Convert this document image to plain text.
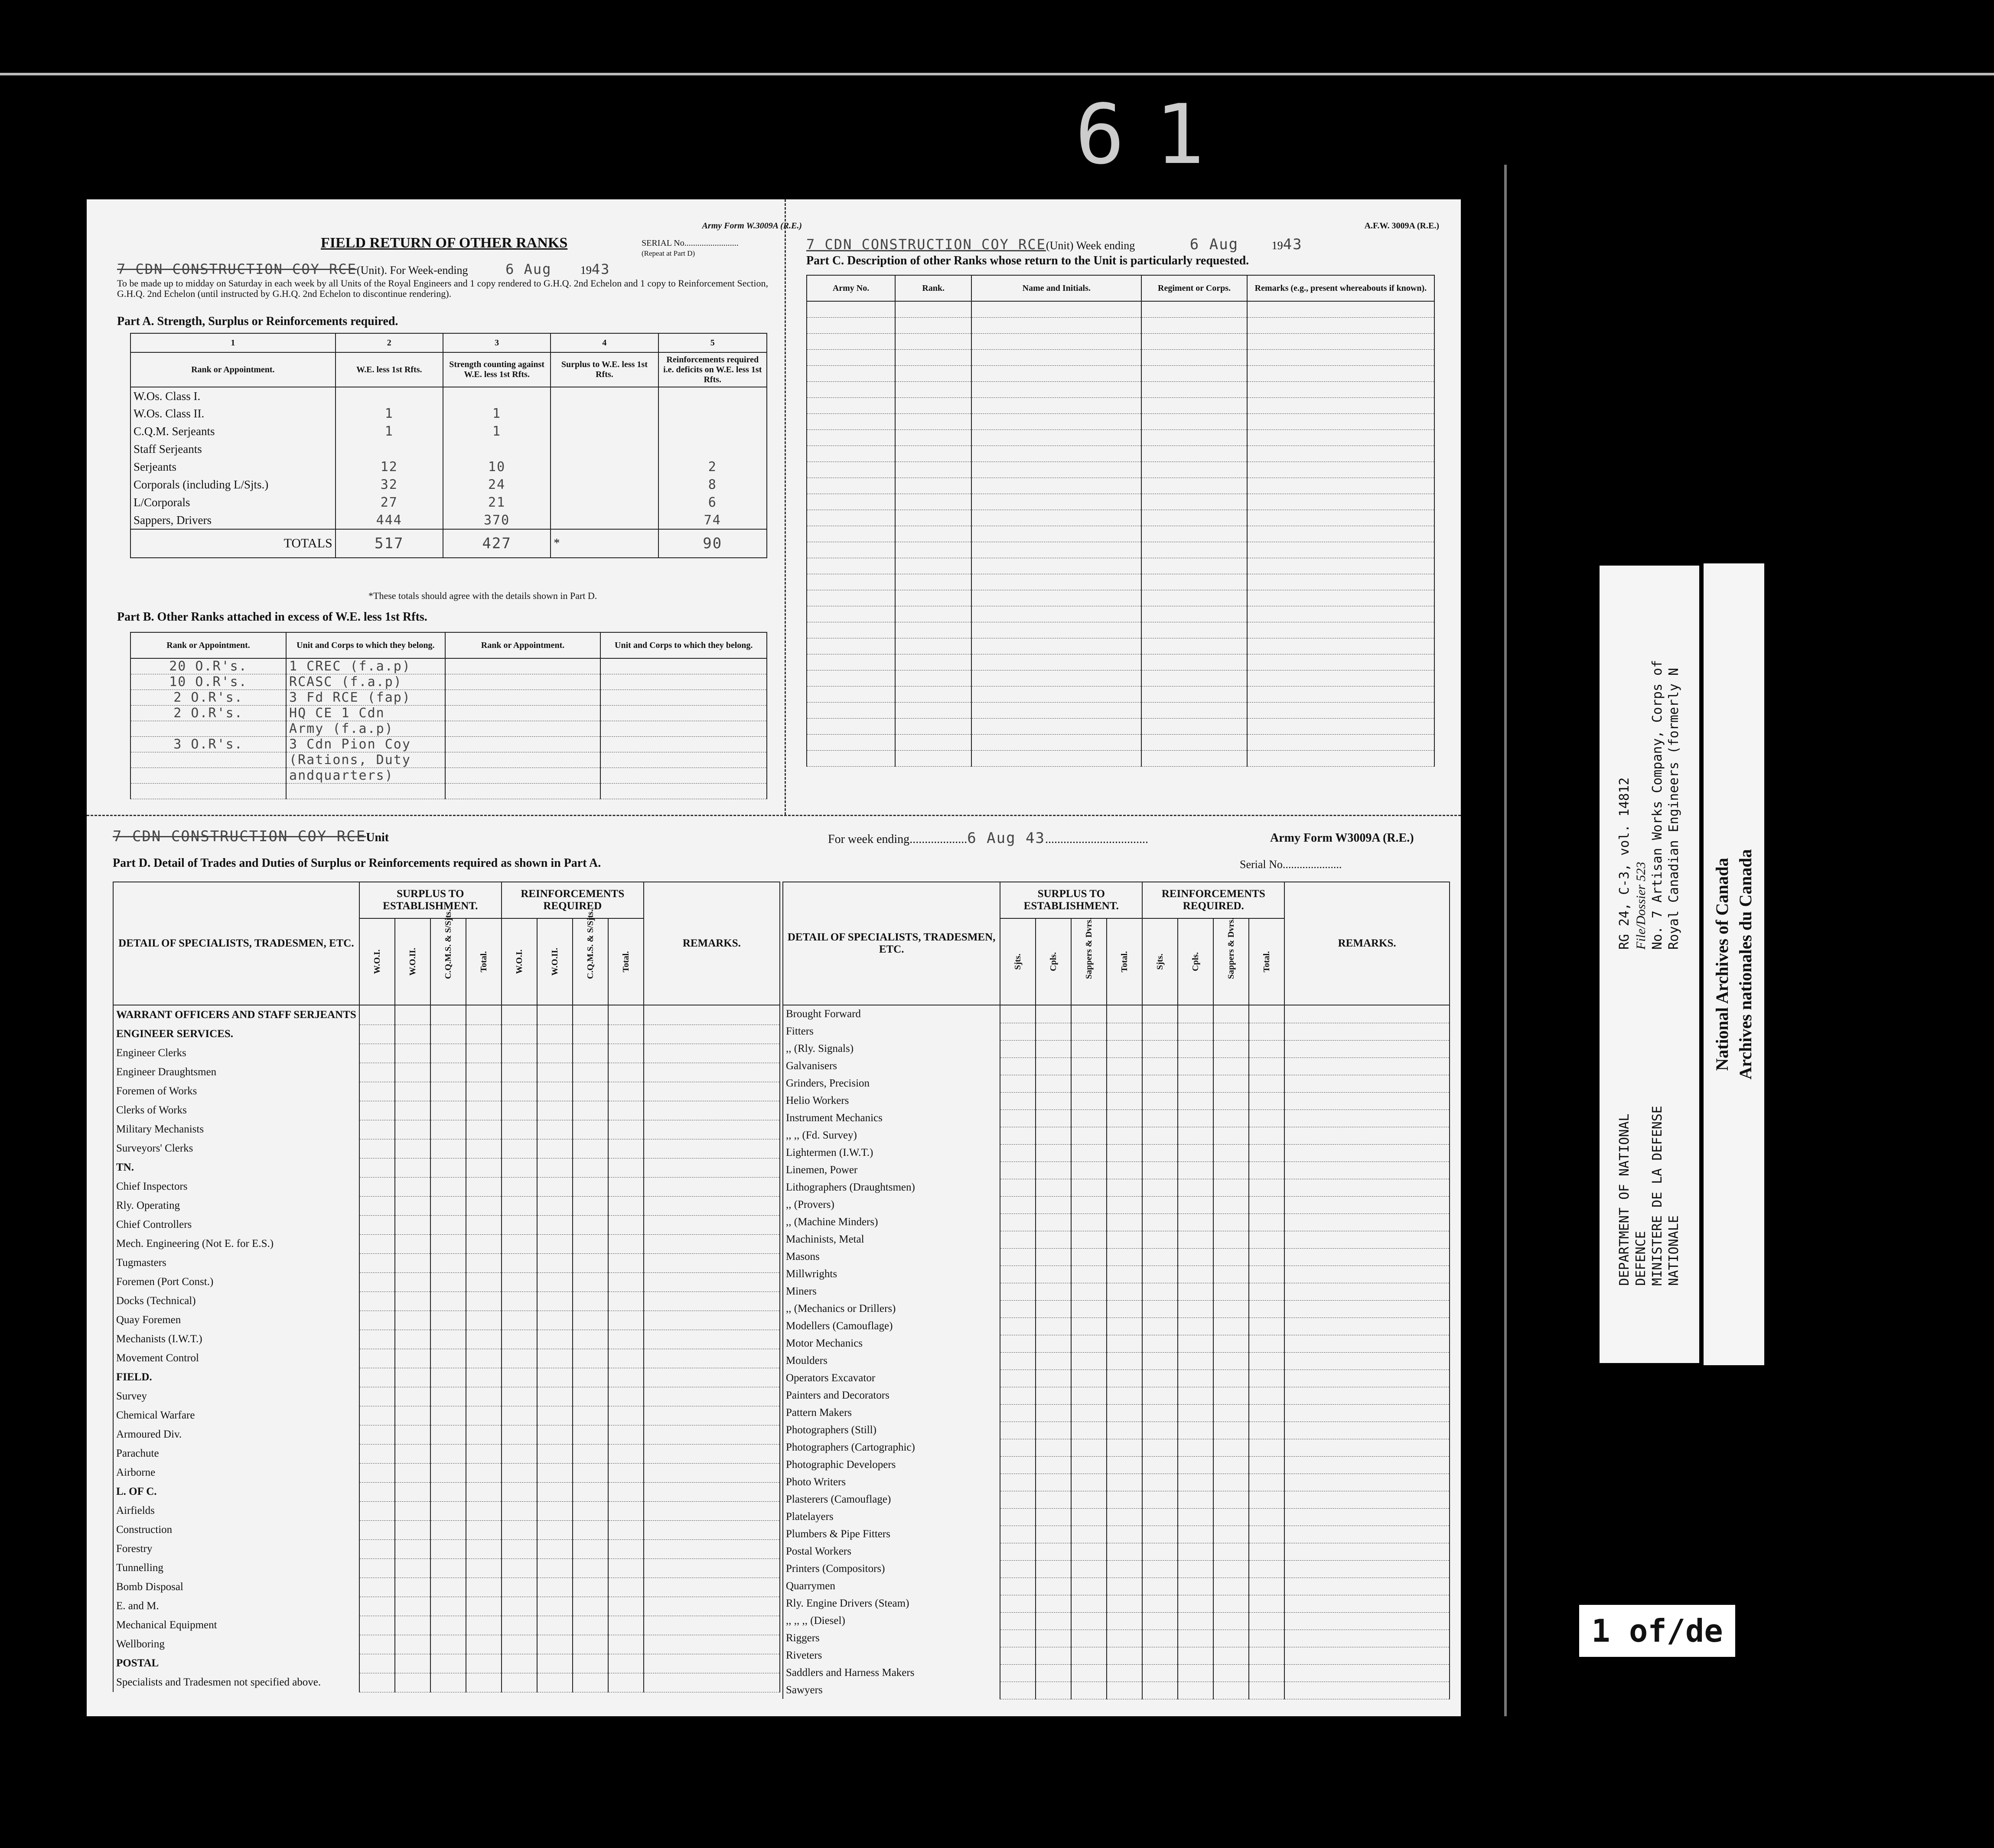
61
Army Form W.3009A (R.E.)
FIELD RETURN OF OTHER RANKS	SERIAL No.........................
(Repeat at Part D)
7 CDN CONSTRUCTION COY RCE(Unit). For Week-ending	6 Aug	1943
To be made up to midday on Saturday in each week by all Units of the Royal Engineers and 1 copy rendered to G.H.Q. 2nd Echelon and 1 copy to Reinforcement Section, G.H.Q. 2nd Echelon (until instructed by G.H.Q. 2nd Echelon to discontinue rendering).
Part A. Strength, Surplus or Reinforcements required.
1	2	3	4	5
Rank or Appointment.	W.E. less 1st Rfts.	Strength counting against W.E. less 1st Rfts.	Surplus to W.E. less 1st Rfts.	Reinforcements required i.e. deficits on W.E. less 1st Rfts.
W.Os. Class I.				
W.Os. Class II.	1	1		
C.Q.M. Serjeants	1	1		
Staff Serjeants				
Serjeants	12	10		2
Corporals (including L/Sjts.)	32	24		8
L/Corporals	27	21		6
Sappers, Drivers	444	370		74
TOTALS	517	427	*	90
*These totals should agree with the details shown in Part D.
Part B. Other Ranks attached in excess of W.E. less 1st Rfts.
Rank or Appointment.	Unit and Corps to which they belong.	Rank or Appointment.	Unit and Corps to which they belong.
20 O.R's.	1 CREC (f.a.p)		
10 O.R's.	RCASC (f.a.p)		
2 O.R's.	3 Fd RCE (fap)		
2 O.R's.	HQ CE 1 Cdn		
	Army (f.a.p)		
3 O.R's.	3 Cdn Pion Coy		
	(Rations, Duty		
	andquarters)		

A.F.W. 3009A (R.E.)
7 CDN CONSTRUCTION COY RCE(Unit) Week ending	6 Aug	1943
Part C. Description of other Ranks whose return to the Unit is particularly requested.
Army No.	Rank.	Name and Initials.	Regiment or Corps.	Remarks (e.g., present whereabouts if known).

7 CDN CONSTRUCTION COY RCEUnit	For week ending...................6 Aug 43..................................	Army Form W3009A (R.E.)
Part D. Detail of Trades and Duties of Surplus or Reinforcements required as shown in Part A.	Serial No.....................
DETAIL OF SPECIALISTS, TRADESMEN, ETC.	SURPLUS TO ESTABLISHMENT.				REINFORCEMENTS REQUIRED				REMARKS.

	W.O.I.	W.O.II.	C.Q.M.S. & S/Sjts.	Total.	W.O.I.	W.O.II.	C.Q.M.S. & S/Sjts.	Total.	

WARRANT OFFICERS AND STAFF SERJEANTS									
ENGINEER SERVICES.									
Engineer Clerks									
Engineer Draughtsmen									
Foremen of Works									
Clerks of Works									
Military Mechanists									
Surveyors' Clerks									
TN.									
Chief Inspectors									
Rly. Operating									
Chief Controllers									
Mech. Engineering (Not E. for E.S.)									
Tugmasters									
Foremen (Port Const.)									
Docks (Technical)									
Quay Foremen									
Mechanists (I.W.T.)									
Movement Control									
FIELD.									
Survey									
Chemical Warfare									
Armoured Div.									
Parachute									
Airborne									
L. OF C.									
Airfields									
Construction									
Forestry									
Tunnelling									
Bomb Disposal									
E. and M.									
Mechanical Equipment									
Wellboring									
POSTAL									
Specialists and Tradesmen not specified above.									
DETAIL OF SPECIALISTS, TRADESMEN, ETC.	SURPLUS TO ESTABLISHMENT.				REINFORCEMENTS REQUIRED.				REMARKS.

	Sjts.	Cpls.	Sappers & Dvrs.	Total.	Sjts.	Cpls.	Sappers & Dvrs.	Total.	

Brought Forward									
Fitters									
,, (Rly. Signals)									
Galvanisers									
Grinders, Precision									
Helio Workers									
Instrument Mechanics									
,, ,, (Fd. Survey)									
Lightermen (I.W.T.)									
Linemen, Power									
Lithographers (Draughtsmen)									
,, (Provers)									
,, (Machine Minders)									
Machinists, Metal									
Masons									
Millwrights									
Miners									
,, (Mechanics or Drillers)									
Modellers (Camouflage)									
Motor Mechanics									
Moulders									
Operators Excavator									
Painters and Decorators									
Pattern Makers									
Photographers (Still)									
Photographers (Cartographic)									
Photographic Developers									
Photo Writers									
Plasterers (Camouflage)									
Platelayers									
Plumbers & Pipe Fitters									
Postal Workers									
Printers (Compositors)									
Quarrymen									
Rly. Engine Drivers (Steam)									
,, ,, ,, (Diesel)									
Riggers									
Riveters									
Saddlers and Harness Makers									
Sawyers									
RG 24, C-3, vol. 14812 File/Dossier 523 No. 7 Artisan Works Company, Corps of Royal Canadian Engineers (formerly N
DEPARTMENT OF NATIONAL DEFENCE MINISTERE DE LA DEFENSE NATIONALE
National Archives of Canada Archives nationales du Canada
1 of/de
